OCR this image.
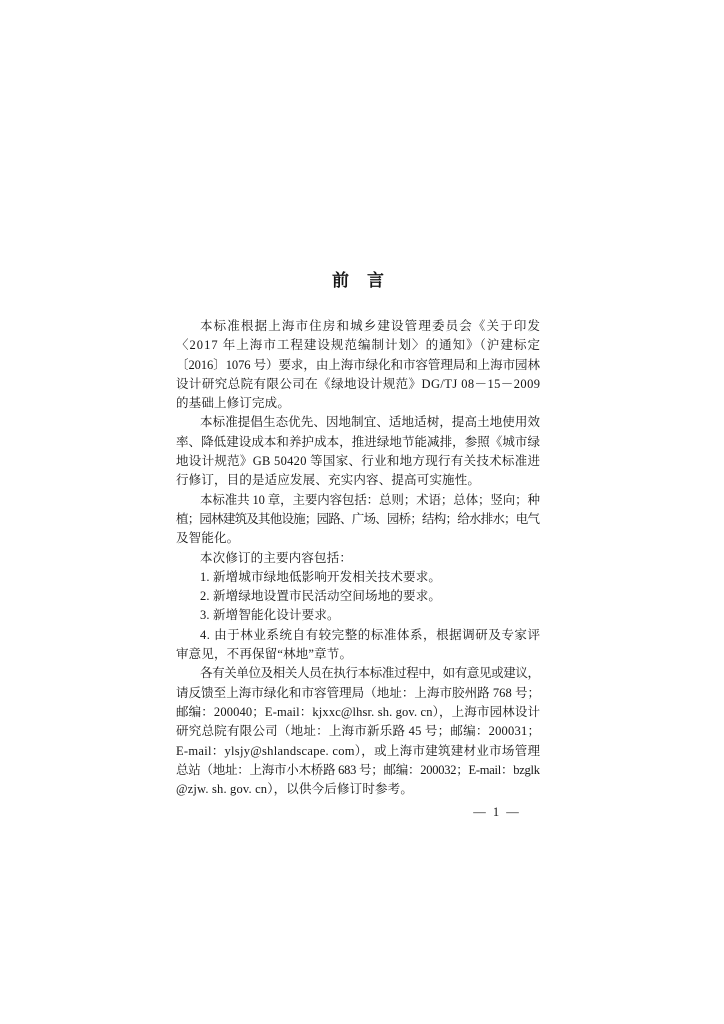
前言
本标准根据上海市住房和城乡建设管理委员会《关于印发
〈2017 年上海市工程建设规范编制计划〉的通知》（沪建标定
〔2016〕1076 号）要求，由上海市绿化和市容管理局和上海市园林
设计研究总院有限公司在《绿地设计规范》DG/TJ 08－15－2009
的基础上修订完成。
本标准提倡生态优先、因地制宜、适地适树，提高土地使用效
率、降低建设成本和养护成本，推进绿地节能减排，参照《城市绿
地设计规范》GB 50420 等国家、行业和地方现行有关技术标准进
行修订，目的是适应发展、充实内容、提高可实施性。
本标准共 10 章，主要内容包括：总则；术语；总体；竖向；种
植；园林建筑及其他设施；园路、广场、园桥；结构；给水排水；电气
及智能化。
本次修订的主要内容包括：
1. 新增城市绿地低影响开发相关技术要求。
2. 新增绿地设置市民活动空间场地的要求。
3. 新增智能化设计要求。
4. 由于林业系统自有较完整的标准体系，根据调研及专家评
审意见，不再保留“林地”章节。
各有关单位及相关人员在执行本标准过程中，如有意见或建议，
请反馈至上海市绿化和市容管理局（地址：上海市胶州路 768 号；
邮编：200040；E-mail：kjxxc@lhsr. sh. gov. cn），上海市园林设计
研究总院有限公司（地址：上海市新乐路 45 号；邮编：200031；
E-mail：ylsjy@shlandscape. com），或上海市建筑建材业市场管理
总站（地址：上海市小木桥路 683 号；邮编：200032；E-mail：bzglk
@zjw. sh. gov. cn），以供今后修订时参考。
— 1 —
